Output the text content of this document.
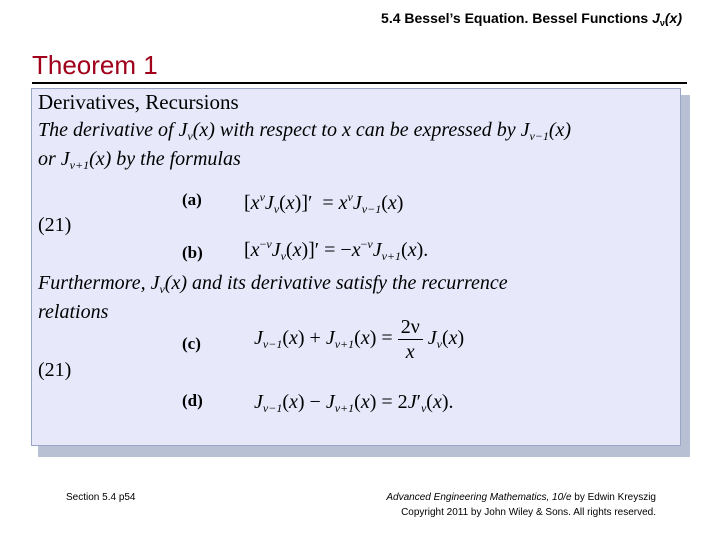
5.4 Bessel’s Equation. Bessel Functions $J_\nu(x)$
Theorem 1
Derivatives, Recursions
The derivative of $J_\nu(x)$ with respect to x can be expressed by $J_{\nu-1}(x)$
or $J_{\nu+1}(x)$ by the formulas
(a) $[x^\nu J_\nu(x)]' = x^\nu J_{\nu-1}(x)$
(21)
(b) $[x^{-\nu}J_\nu(x)]' = -x^{-\nu}J_{\nu+1}(x)$.
Furthermore, $J_\nu(x)$ and its derivative satisfy the recurrence
relations
(c)	$J_{\nu-1}(x) + J_{\nu+1}(x) = \frac{2\nu}{x} J_\nu(x)$
(21)
(d)	$J_{\nu-1}(x) - J_{\nu+1}(x) = 2J'_\nu(x)$.
Section 5.4 p54	Advanced Engineering Mathematics, 10/e by Edwin Kreyszig
Copyright 2011 by John Wiley & Sons. All rights reserved.
